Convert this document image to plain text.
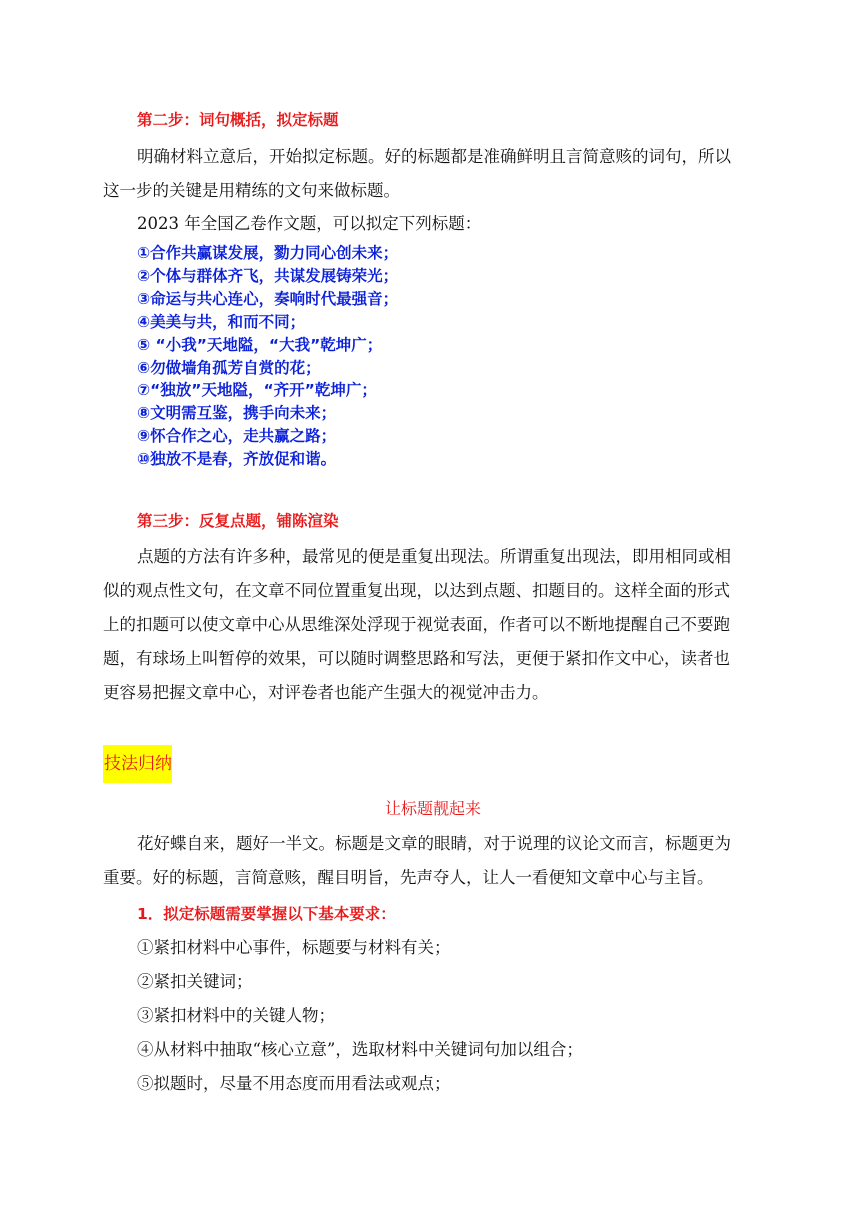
第二步：词句概括，拟定标题
明确材料立意后，开始拟定标题。好的标题都是准确鲜明且言简意赅的词句，所以
这一步的关键是用精练的文句来做标题。
2023 年全国乙卷作文题，可以拟定下列标题：
①合作共赢谋发展，勠力同心创未来；
②个体与群体齐飞，共谋发展铸荣光；
③命运与共心连心，奏响时代最强音；
④美美与共，和而不同；
⑤ “小我”天地隘，“大我”乾坤广；
⑥勿做墙角孤芳自赏的花；
⑦“独放”天地隘，“齐开”乾坤广；
⑧文明需互鉴，携手向未来；
⑨怀合作之心，走共赢之路；
⑩独放不是春，齐放促和谐。
第三步：反复点题，铺陈渲染
点题的方法有许多种，最常见的便是重复出现法。所谓重复出现法，即用相同或相
似的观点性文句，在文章不同位置重复出现，以达到点题、扣题目的。这样全面的形式
上的扣题可以使文章中心从思维深处浮现于视觉表面，作者可以不断地提醒自己不要跑
题，有球场上叫暂停的效果，可以随时调整思路和写法，更便于紧扣作文中心，读者也
更容易把握文章中心，对评卷者也能产生强大的视觉冲击力。
技法归纳
让标题靓起来
花好蝶自来，题好一半文。标题是文章的眼睛，对于说理的议论文而言，标题更为
重要。好的标题，言简意赅，醒目明旨，先声夺人，让人一看便知文章中心与主旨。
1．拟定标题需要掌握以下基本要求：
①紧扣材料中心事件，标题要与材料有关；
②紧扣关键词；
③紧扣材料中的关键人物；
④从材料中抽取“核心立意”，选取材料中关键词句加以组合；
⑤拟题时，尽量不用态度而用看法或观点；
